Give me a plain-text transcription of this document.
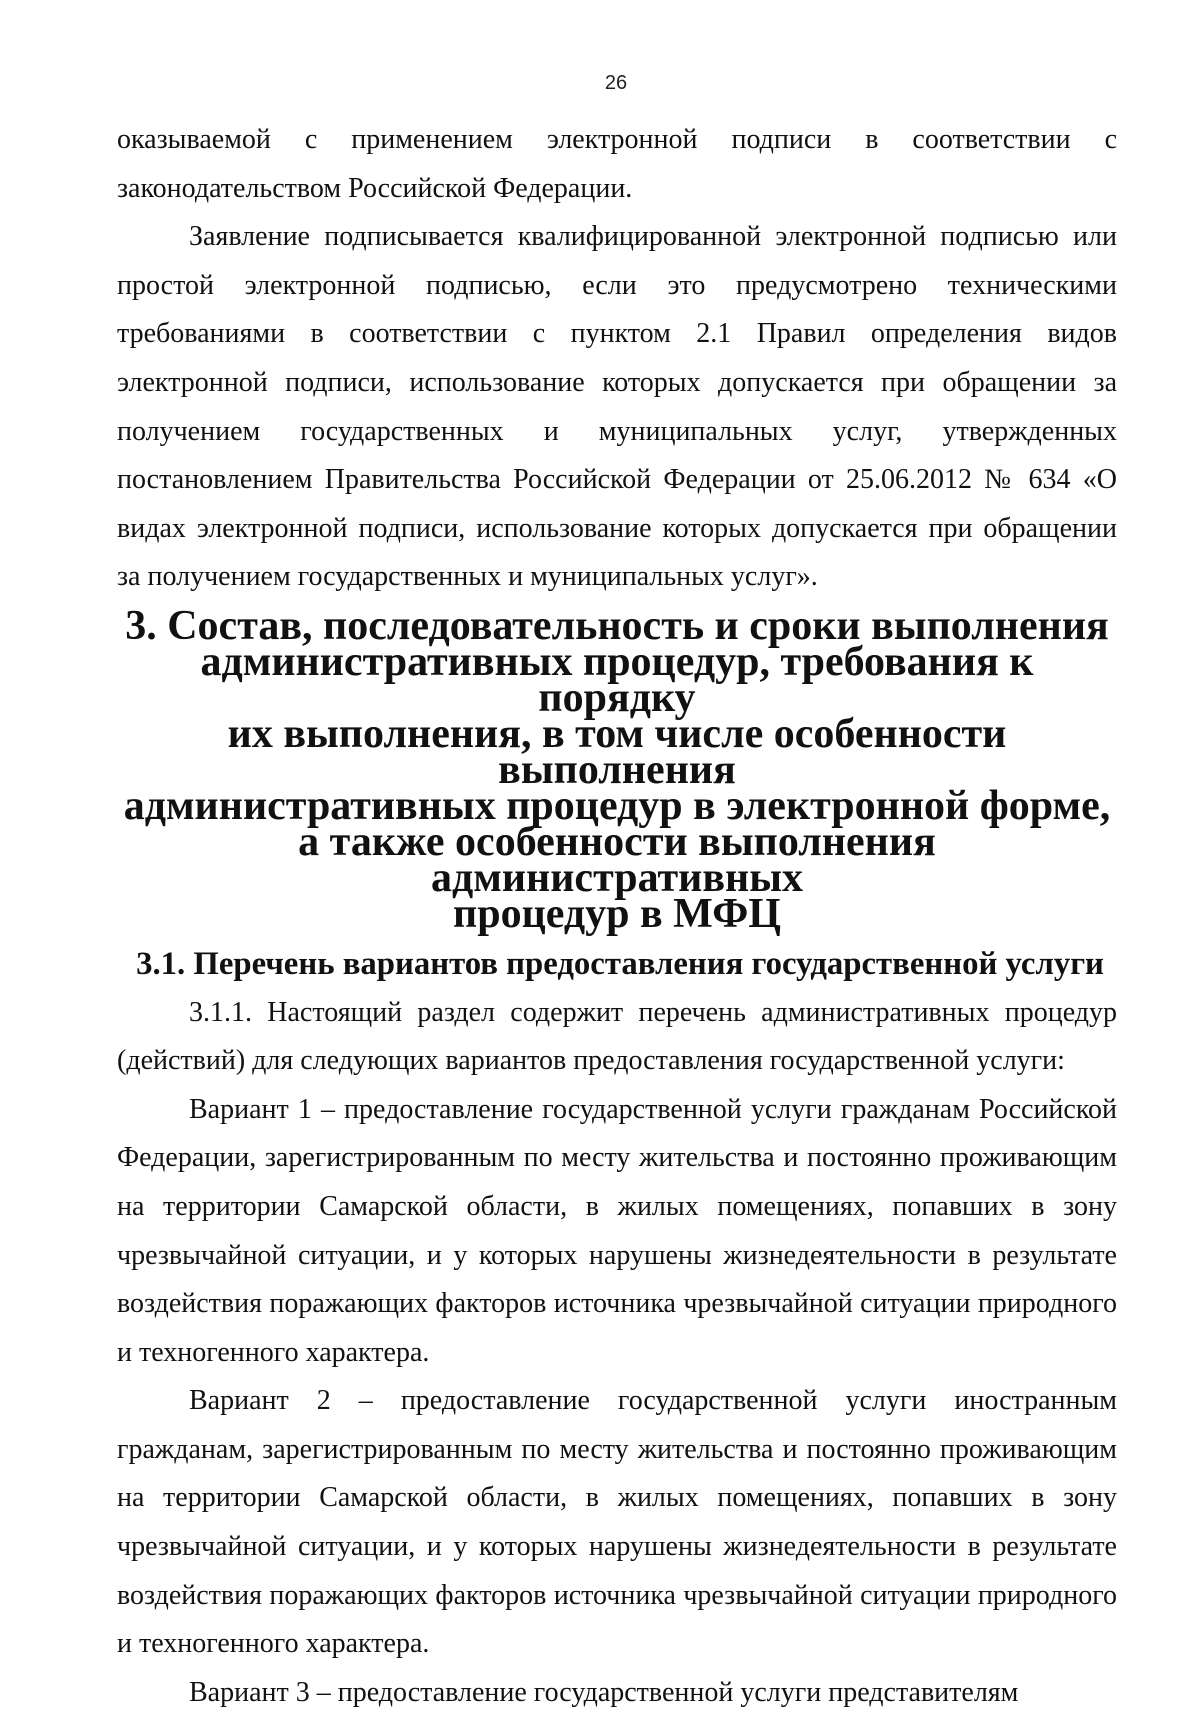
26

оказываемой с применением электронной подписи в соответствии с законодательством Российской Федерации.

Заявление подписывается квалифицированной электронной подписью или простой электронной подписью, если это предусмотрено техническими требованиями в соответствии с пунктом 2.1 Правил определения видов электронной подписи, использование которых допускается при обращении за получением государственных и муниципальных услуг, утвержденных постановлением Правительства Российской Федерации от 25.06.2012 № 634 «О видах электронной подписи, использование которых допускается при обращении за получением государственных и муниципальных услуг».

3. Состав, последовательность и сроки выполнения
административных процедур, требования к порядку
их выполнения, в том числе особенности выполнения
административных процедур в электронной форме,
а также особенности выполнения административных
процедур в МФЦ
3.1. Перечень вариантов предоставления государственной услуги

3.1.1. Настоящий раздел содержит перечень административных процедур (действий) для следующих вариантов предоставления государственной услуги:

Вариант 1 – предоставление государственной услуги гражданам Российской Федерации, зарегистрированным по месту жительства и постоянно проживающим на территории Самарской области, в жилых помещениях, попавших в зону чрезвычайной ситуации, и у которых нарушены жизнедеятельности в результате воздействия поражающих факторов источника чрезвычайной ситуации природного и техногенного характера.

Вариант 2 – предоставление государственной услуги иностранным гражданам, зарегистрированным по месту жительства и постоянно проживающим на территории Самарской области, в жилых помещениях, попавших в зону чрезвычайной ситуации, и у которых нарушены жизнедеятельности в результате воздействия поражающих факторов источника чрезвычайной ситуации природного и техногенного характера.

Вариант 3 – предоставление государственной услуги представителям
